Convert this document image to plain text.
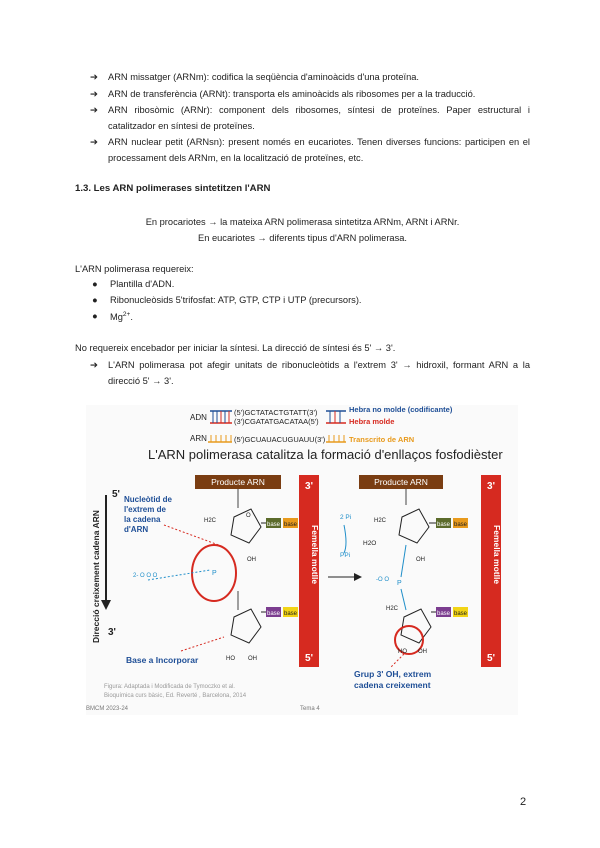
➔ ARN missatger (ARNm): codifica la seqüència d'aminoàcids d'una proteïna.
➔ ARN de transferència (ARNt): transporta els aminoàcids als ribosomes per a la traducció.
➔ ARN ribosòmic (ARNr): component dels ribosomes, síntesi de proteïnes. Paper estructural i catalitzador en síntesi de proteïnes.
➔ ARN nuclear petit (ARNsn): present només en eucariotes. Tenen diverses funcions: participen en el processament dels ARNm, en la localització de proteïnes, etc.
1.3. Les ARN polimerases sintetitzen l'ARN
En procariotes → la mateixa ARN polimerasa sintetitza ARNm, ARNt i ARNr.
En eucariotes → diferents tipus d'ARN polimerasa.
L'ARN polimerasa requereix:
● Plantilla d'ADN.
● Ribonucleòsids 5'trifosfat: ATP, GTP, CTP i UTP (precursors).
● $Mg^{2+}$.
No requereix encebador per iniciar la síntesi. La direcció de síntesi és 5' → 3'.
➔ L'ARN polimerasa pot afegir unitats de ribonucleòtids a l'extrem 3' → hidroxil, formant ARN a la direcció 5' → 3'.
ADN
(5')GCTATACTGTATT(3')
(3')CGATATGACATAA(5')
Hebra no molde (codificante)
Hebra molde
ARN	(5')GCUAUACUGUAUU(3')	Transcrito de ARN
L'ARN polimerasa catalitza la formació d'enllaços fosfodièster
Direcció creixement cadena ARN
5'
3'
Producte ARN
H2C
O
base base
OH
Nucleòtid de l'extrem de la cadena d'ARN
2- O O O	P
base base
HO OH
Base a Incorporar
3'
Femella motlle
5'
2 Pi
H2O
PPi
Producte ARN
H2C
base base
OH
P
-O O
H2C
base base
HO OH
Grup 3' OH, extrem cadena creixement
3'
Femella motlle
5'
Figura: Adaptada i Modificada de Tymoczko et al.
Bioquímica curs bàsic, Ed. Reverté , Barcelona, 2014
BMCM 2023-24	Tema 4
2
